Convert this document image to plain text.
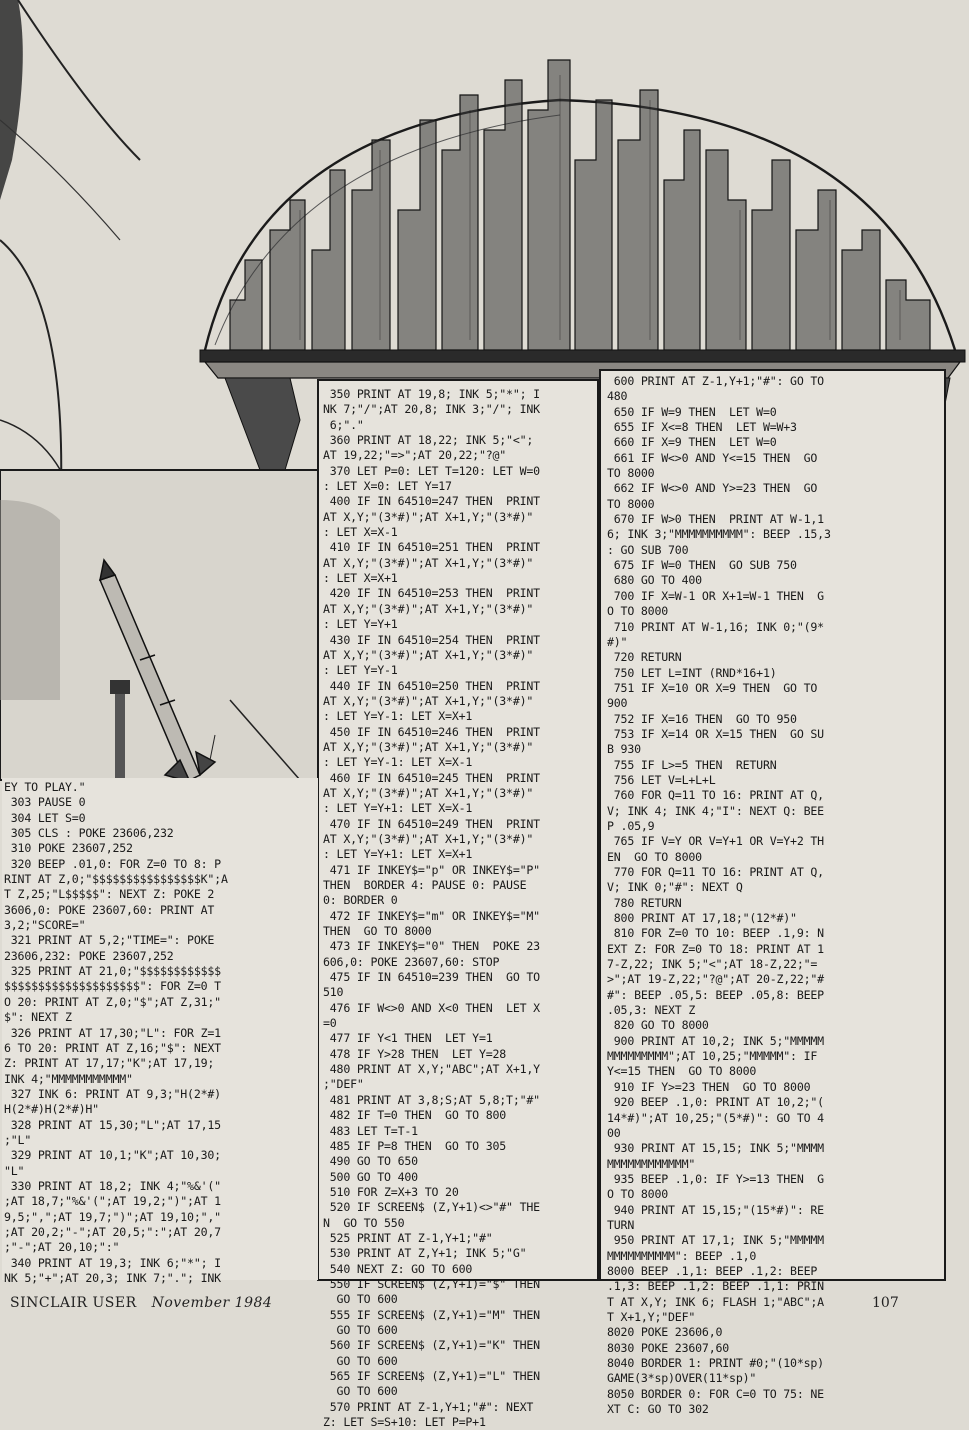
EY TO PLAY."
303 PAUSE 0
304 LET S=0
305 CLS : POKE 23606,232
310 POKE 23607,252
320 BEEP .01,0: FOR Z=0 TO 8: P
RINT AT Z,0;"$$$$$$$$$$$$$$$$K";A
T Z,25;"L$$$$$": NEXT Z: POKE 2
3606,0: POKE 23607,60: PRINT AT
3,2;"SCORE="
321 PRINT AT 5,2;"TIME=": POKE
23606,232: POKE 23607,252
325 PRINT AT 21,0;"$$$$$$$$$$$$
$$$$$$$$$$$$$$$$$$$$": FOR Z=0 T
O 20: PRINT AT Z,0;"$";AT Z,31;"
$": NEXT Z
326 PRINT AT 17,30;"L": FOR Z=1
6 TO 20: PRINT AT Z,16;"$": NEXT
Z: PRINT AT 17,17;"K";AT 17,19;
INK 4;"MMMMMMMMMMM"
327 INK 6: PRINT AT 9,3;"H(2*#)
H(2*#)H(2*#)H"
328 PRINT AT 15,30;"L";AT 17,15
;"L"
329 PRINT AT 10,1;"K";AT 10,30;
"L"
330 PRINT AT 18,2; INK 4;"%&'("
;AT 18,7;"%&'(";AT 19,2;")";AT 1
9,5;",";AT 19,7;")";AT 19,10;","
;AT 20,2;"-";AT 20,5;":";AT 20,7
;"-";AT 20,10;":"
340 PRINT AT 19,3; INK 6;"*"; I
NK 5;"+";AT 20,3; INK 7;"."; INK
350 PRINT AT 19,8; INK 5;"*"; I
NK 7;"/";AT 20,8; INK 3;"/"; INK
6;"."
360 PRINT AT 18,22; INK 5;"<";
AT 19,22;"=>";AT 20,22;"?@"
370 LET P=0: LET T=120: LET W=0
: LET X=0: LET Y=17
400 IF IN 64510=247 THEN  PRINT
AT X,Y;"(3*#)";AT X+1,Y;"(3*#)"
: LET X=X-1
410 IF IN 64510=251 THEN  PRINT
AT X,Y;"(3*#)";AT X+1,Y;"(3*#)"
: LET X=X+1
420 IF IN 64510=253 THEN  PRINT
AT X,Y;"(3*#)";AT X+1,Y;"(3*#)"
: LET Y=Y+1
430 IF IN 64510=254 THEN  PRINT
AT X,Y;"(3*#)";AT X+1,Y;"(3*#)"
: LET Y=Y-1
440 IF IN 64510=250 THEN  PRINT
AT X,Y;"(3*#)";AT X+1,Y;"(3*#)"
: LET Y=Y-1: LET X=X+1
450 IF IN 64510=246 THEN  PRINT
AT X,Y;"(3*#)";AT X+1,Y;"(3*#)"
: LET Y=Y-1: LET X=X-1
460 IF IN 64510=245 THEN  PRINT
AT X,Y;"(3*#)";AT X+1,Y;"(3*#)"
: LET Y=Y+1: LET X=X-1
470 IF IN 64510=249 THEN  PRINT
AT X,Y;"(3*#)";AT X+1,Y;"(3*#)"
: LET Y=Y+1: LET X=X+1
471 IF INKEY$="p" OR INKEY$="P"
THEN  BORDER 4: PAUSE 0: PAUSE
0: BORDER 0
472 IF INKEY$="m" OR INKEY$="M"
THEN  GO TO 8000
473 IF INKEY$="0" THEN  POKE 23
606,0: POKE 23607,60: STOP
475 IF IN 64510=239 THEN  GO TO
510
476 IF W<>0 AND X<0 THEN  LET X
=0
477 IF Y<1 THEN  LET Y=1
478 IF Y>28 THEN  LET Y=28
480 PRINT AT X,Y;"ABC";AT X+1,Y
;"DEF"
481 PRINT AT 3,8;S;AT 5,8;T;"#"
482 IF T=0 THEN  GO TO 800
483 LET T=T-1
485 IF P=8 THEN  GO TO 305
490 GO TO 650
500 GO TO 400
510 FOR Z=X+3 TO 20
520 IF SCREEN$ (Z,Y+1)<>"#" THE
N  GO TO 550
525 PRINT AT Z-1,Y+1;"#"
530 PRINT AT Z,Y+1; INK 5;"G"
540 NEXT Z: GO TO 600
550 IF SCREEN$ (Z,Y+1)="$" THEN
GO TO 600
555 IF SCREEN$ (Z,Y+1)="M" THEN
GO TO 600
560 IF SCREEN$ (Z,Y+1)="K" THEN
GO TO 600
565 IF SCREEN$ (Z,Y+1)="L" THEN
GO TO 600
570 PRINT AT Z-1,Y+1;"#": NEXT
Z: LET S=S+10: LET P=P+1
600 PRINT AT Z-1,Y+1;"#": GO TO
480
650 IF W=9 THEN  LET W=0
655 IF X<=8 THEN  LET W=W+3
660 IF X=9 THEN  LET W=0
661 IF W<>0 AND Y<=15 THEN  GO
TO 8000
662 IF W<>0 AND Y>=23 THEN  GO
TO 8000
670 IF W>0 THEN  PRINT AT W-1,1
6; INK 3;"MMMMMMMMMM": BEEP .15,3
: GO SUB 700
675 IF W=0 THEN  GO SUB 750
680 GO TO 400
700 IF X=W-1 OR X+1=W-1 THEN  G
O TO 8000
710 PRINT AT W-1,16; INK 0;"(9*
#)"
720 RETURN
750 LET L=INT (RND*16+1)
751 IF X=10 OR X=9 THEN  GO TO
900
752 IF X=16 THEN  GO TO 950
753 IF X=14 OR X=15 THEN  GO SU
B 930
755 IF L>=5 THEN  RETURN
756 LET V=L+L+L
760 FOR Q=11 TO 16: PRINT AT Q,
V; INK 4; INK 4;"I": NEXT Q: BEE
P .05,9
765 IF V=Y OR V=Y+1 OR V=Y+2 TH
EN  GO TO 8000
770 FOR Q=11 TO 16: PRINT AT Q,
V; INK 0;"#": NEXT Q
780 RETURN
800 PRINT AT 17,18;"(12*#)"
810 FOR Z=0 TO 10: BEEP .1,9: N
EXT Z: FOR Z=0 TO 18: PRINT AT 1
7-Z,22; INK 5;"<";AT 18-Z,22;"=
>";AT 19-Z,22;"?@";AT 20-Z,22;"#
#": BEEP .05,5: BEEP .05,8: BEEP
.05,3: NEXT Z
820 GO TO 8000
900 PRINT AT 10,2; INK 5;"MMMMM
MMMMMMMMM";AT 10,25;"MMMMM": IF
Y<=15 THEN  GO TO 8000
910 IF Y>=23 THEN  GO TO 8000
920 BEEP .1,0: PRINT AT 10,2;"(
14*#)";AT 10,25;"(5*#)": GO TO 4
00
930 PRINT AT 15,15; INK 5;"MMMM
MMMMMMMMMMMM"
935 BEEP .1,0: IF Y>=13 THEN  G
O TO 8000
940 PRINT AT 15,15;"(15*#)": RE
TURN
950 PRINT AT 17,1; INK 5;"MMMMM
MMMMMMMMMM": BEEP .1,0
8000 BEEP .1,1: BEEP .1,2: BEEP
.1,3: BEEP .1,2: BEEP .1,1: PRIN
T AT X,Y; INK 6; FLASH 1;"ABC";A
T X+1,Y;"DEF"
8020 POKE 23606,0
8030 POKE 23607,60
8040 BORDER 1: PRINT #0;"(10*sp)
GAME(3*sp)OVER(11*sp)"
8050 BORDER 0: FOR C=0 TO 75: NE
XT C: GO TO 302
SINCLAIR USER November 1984	107
